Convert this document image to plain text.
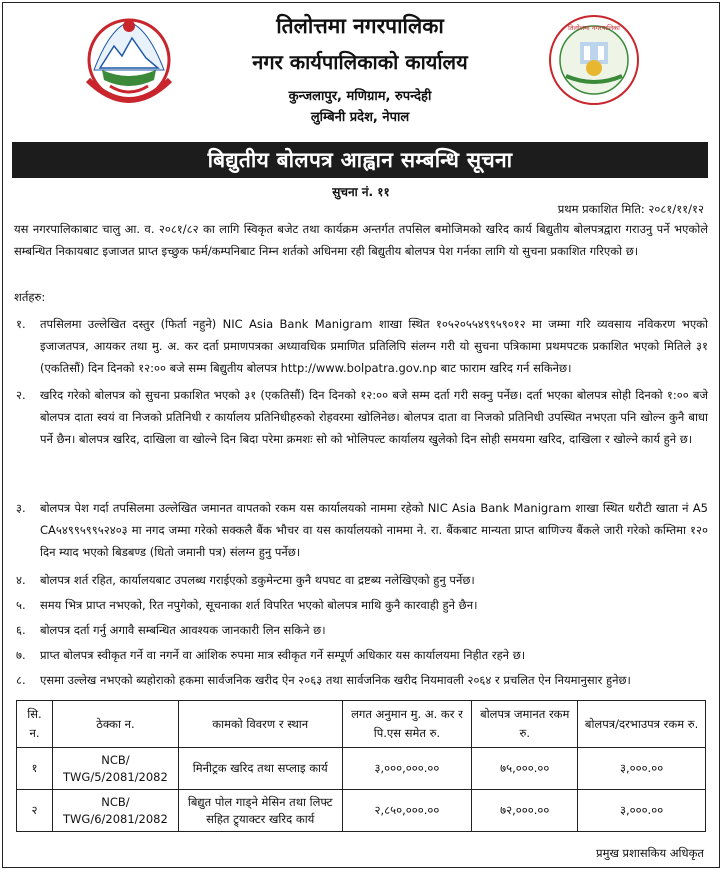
नेपाल सरकार
तिलोत्तमा नगरपालिका
नगर कार्यपालिकाको कार्यालय
कुन्जलापुर, मणिग्राम, रुपन्देही
लुम्बिनी प्रदेश, नेपाल
तिलोत्तमा नगरपालिका
बिद्युतीय बोलपत्र आह्वान सम्बन्धि सूचना
सुचना नं. ११
प्रथम प्रकाशित मिति: २०८१/११/१२
यस नगरपालिकाबाट चालु आ. व. २०८१/८२ का लागि स्विकृत बजेट तथा कार्यक्रम अन्तर्गत तपसिल बमोजिमको खरिद कार्य बिद्युतीय बोलपत्रद्वारा गराउनु पर्ने भएकोले सम्बन्धित निकायबाट इजाजत प्राप्त इच्छुक फर्म/कम्पनिबाट निम्न शर्तको अधिनमा रही बिद्युतीय बोलपत्र पेश गर्नका लागि यो सुचना प्रकाशित गरिएको छ।
शर्तहरु:
१. तपसिलमा उल्लेखित दस्तुर (फिर्ता नहुने) NIC Asia Bank Manigram शाखा स्थित १०५२०५५४९९५९०१२ मा जम्मा गरि व्यवसाय नविकरण भएको इजाजतपत्र, आयकर तथा मु. अ. कर दर्ता प्रमाणपत्रका अध्यावधिक प्रमाणित प्रतिलिपि संलग्न गरी यो सुचना पत्रिकामा प्रथमपटक प्रकाशित भएको मितिले ३१ (एकतिसौं) दिन दिनको १२:०० बजे सम्म बिद्युतीय बोलपत्र http://www.bolpatra.gov.np बाट फाराम खरिद गर्न सकिनेछ।
२. खरिद गरेको बोलपत्र को सुचना प्रकाशित भएको ३१ (एकतिसौं) दिन दिनको १२:०० बजे सम्म दर्ता गरी सक्नु पर्नेछ। दर्ता भएका बोलपत्र सोही दिनको १:०० बजे बोलपत्र दाता स्वयं वा निजको प्रतिनिधी र कार्यालय प्रतिनिधीहरुको रोहवरमा खोलिनेछ। बोलपत्र दाता वा निजको प्रतिनिधी उपस्थित नभएता पनि खोल्न कुनै बाधा पर्ने छैन। बोलपत्र खरिद, दाखिला वा खोल्ने दिन बिदा परेमा क्रमशः सो को भोलिपल्ट कार्यालय खुलेको दिन सोही समयमा खरिद, दाखिला र खोल्ने कार्य हुने छ।
३. बोलपत्र पेश गर्दा तपसिलमा उल्लेखित जमानत वापतको रकम यस कार्यालयको नाममा रहेको NIC Asia Bank Manigram शाखा स्थित धरौटी खाता नं A5 CA५४९९५९९५२४०३ मा नगद जम्मा गरेको सक्कलै बैंक भौचर वा यस कार्यालयको नाममा ने. रा. बैंकबाट मान्यता प्राप्त बाणिज्य बैंकले जारी गरेको कम्तिमा १२० दिन म्याद भएको बिडबण्ड (धितो जमानी पत्र) संलग्न हुनु पर्नेछ।
४. बोलपत्र शर्त रहित, कार्यालयबाट उपलब्ध गराईएको डकुमेन्टमा कुनै थपघट वा द्रष्टब्य नलेखिएको हुनु पर्नेछ।
५. समय भित्र प्राप्त नभएको, रित नपुगेको, सूचनाका शर्त विपरित भएको बोलपत्र माथि कुनै कारवाही हुने छैन।
६. बोलपत्र दर्ता गर्नु अगावै सम्बन्धित आवश्यक जानकारी लिन सकिने छ।
७. प्राप्त बोलपत्र स्वीकृत गर्ने वा नगर्ने वा आंशिक रुपमा मात्र स्वीकृत गर्ने सम्पूर्ण अधिकार यस कार्यालयमा निहीत रहने छ।
८. एसमा उल्लेख नभएको ब्यहोराको हकमा सार्वजनिक खरीद ऐन २०६३ तथा सार्वजनिक खरीद नियमावली २०६४ र प्रचलित ऐन नियमानुसार हुनेछ।
सि. न.	ठेक्का न.	कामको विवरण र स्थान	लगत अनुमान मु. अ. कर र पि.एस समेत रु.	बोलपत्र जमानत रकम रु.	बोलपत्र/दरभाउपत्र रकम रु.
१	NCB/ TWG/5/2081/2082	मिनीट्रक खरिद तथा सप्लाइ कार्य	३,०००,०००.००	७५,०००.००	३,०००.००
२	NCB/ TWG/6/2081/2082	बिद्युत पोल गाड्ने मेसिन तथा लिफ्ट सहित ट्र्याक्टर खरिद कार्य	२,८५०,०००.००	७२,०००.००	३,०००.००
प्रमुख प्रशासकिय अधिकृत
